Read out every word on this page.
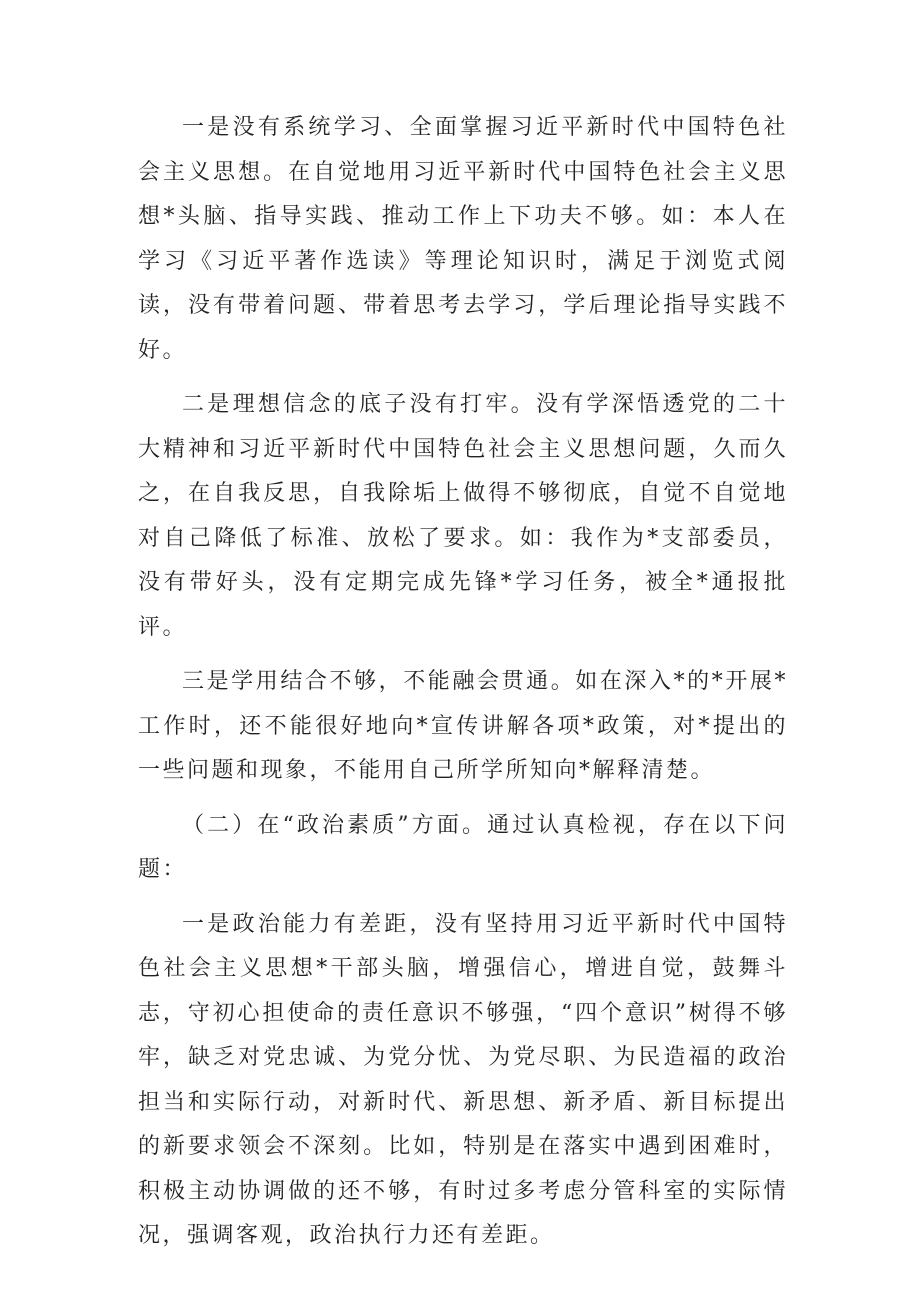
一是没有系统学习、全面掌握习近平新时代中国特色社会主义思想。在自觉地用习近平新时代中国特色社会主义思想*头脑、指导实践、推动工作上下功夫不够。如：本人在学习《习近平著作选读》等理论知识时，满足于浏览式阅读，没有带着问题、带着思考去学习，学后理论指导实践不好。

二是理想信念的底子没有打牢。没有学深悟透党的二十大精神和习近平新时代中国特色社会主义思想问题，久而久之，在自我反思，自我除垢上做得不够彻底，自觉不自觉地对自己降低了标准、放松了要求。如：我作为*支部委员，没有带好头，没有定期完成先锋*学习任务，被全*通报批评。

三是学用结合不够，不能融会贯通。如在深入*的*开展*工作时，还不能很好地向*宣传讲解各项*政策，对*提出的一些问题和现象，不能用自己所学所知向*解释清楚。

（二）在“政治素质”方面。通过认真检视，存在以下问题：

一是政治能力有差距，没有坚持用习近平新时代中国特色社会主义思想*干部头脑，增强信心，增进自觉，鼓舞斗志，守初心担使命的责任意识不够强，“四个意识”树得不够牢，缺乏对党忠诚、为党分忧、为党尽职、为民造福的政治担当和实际行动，对新时代、新思想、新矛盾、新目标提出的新要求领会不深刻。比如，特别是在落实中遇到困难时，积极主动协调做的还不够，有时过多考虑分管科室的实际情况，强调客观，政治执行力还有差距。
